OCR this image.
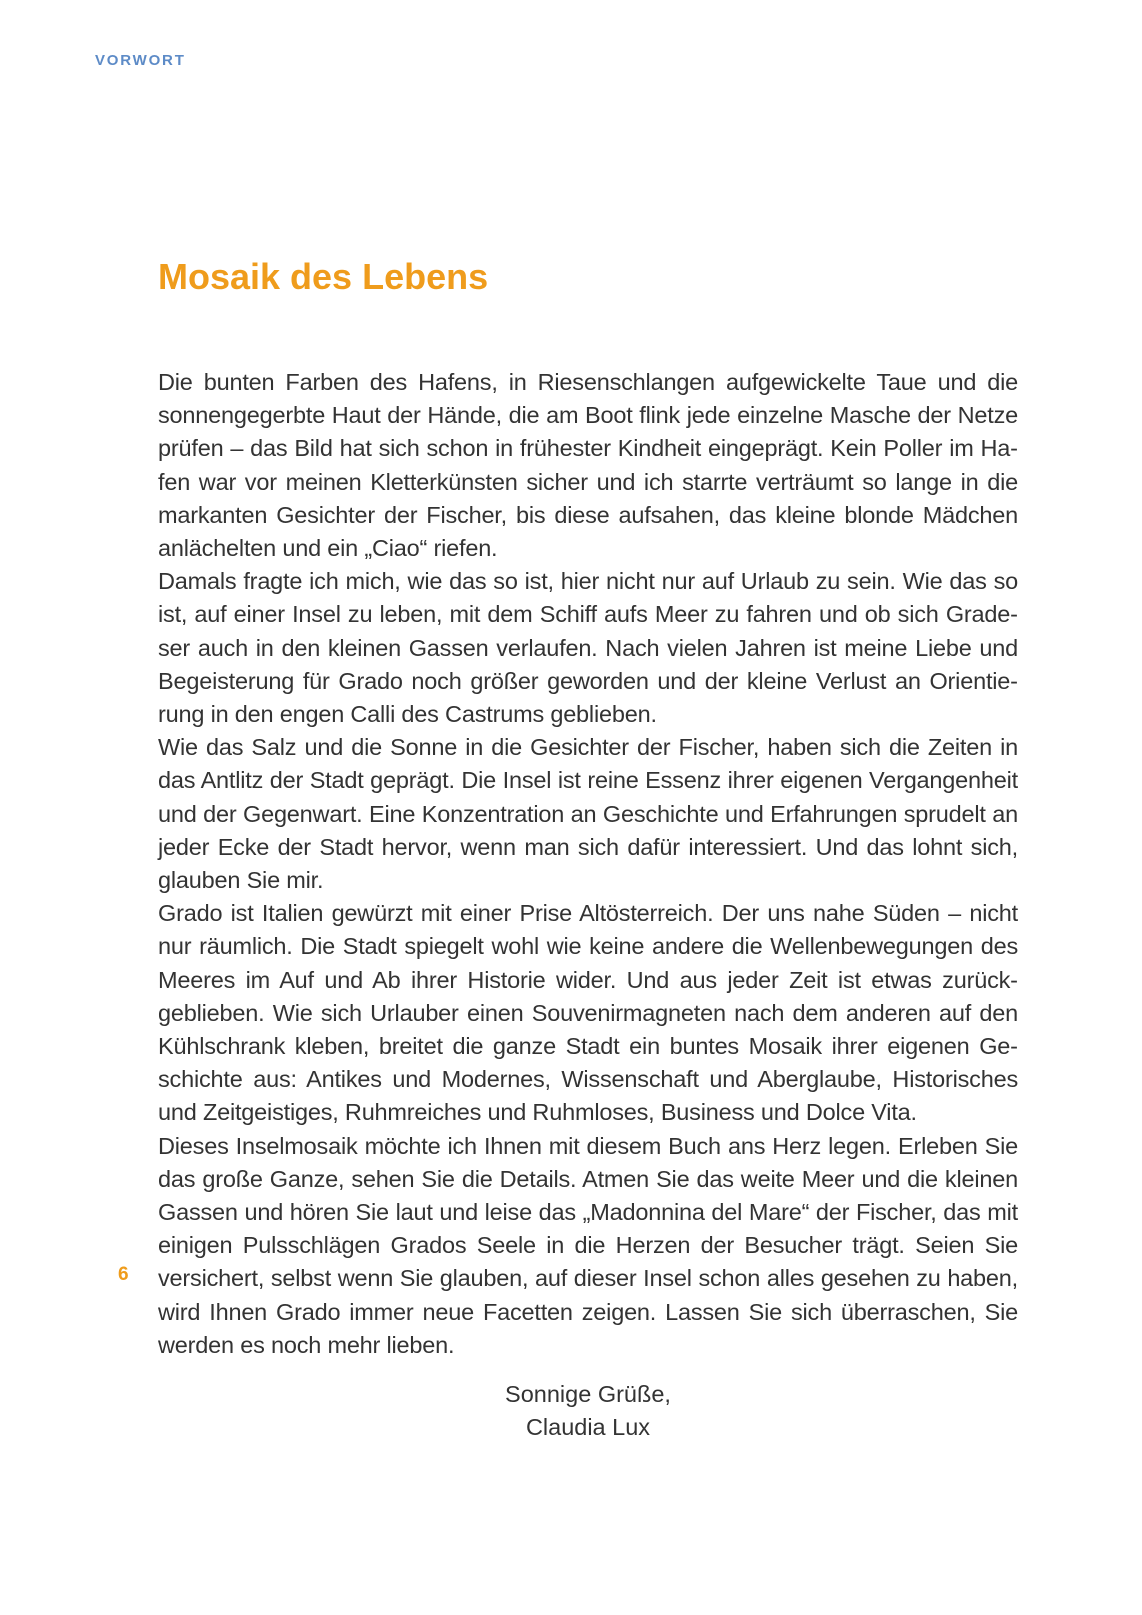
VORWORT
Mosaik des Lebens

Die bunten Farben des Hafens, in Riesenschlangen aufgewickelte Taue und die sonnengegerbte Haut der Hände, die am Boot flink jede einzelne Masche der Netze prüfen – das Bild hat sich schon in frühester Kindheit eingeprägt. Kein Poller im Hafen war vor meinen Kletterkünsten sicher und ich starrte verträumt so lange in die markanten Gesichter der Fischer, bis diese aufsahen, das kleine blonde Mädchen anlächelten und ein „Ciao“ riefen.

Damals fragte ich mich, wie das so ist, hier nicht nur auf Urlaub zu sein. Wie das so ist, auf einer Insel zu leben, mit dem Schiff aufs Meer zu fahren und ob sich Gradeser auch in den kleinen Gassen verlaufen. Nach vielen Jahren ist meine Liebe und Begeisterung für Grado noch größer geworden und der kleine Verlust an Orientierung in den engen Calli des Castrums geblieben.

Wie das Salz und die Sonne in die Gesichter der Fischer, haben sich die Zeiten in das Antlitz der Stadt geprägt. Die Insel ist reine Essenz ihrer eigenen Vergangenheit und der Gegenwart. Eine Konzentration an Geschichte und Erfahrungen sprudelt an jeder Ecke der Stadt hervor, wenn man sich dafür interessiert. Und das lohnt sich, glauben Sie mir.

Grado ist Italien gewürzt mit einer Prise Altösterreich. Der uns nahe Süden – nicht nur räumlich. Die Stadt spiegelt wohl wie keine andere die Wellenbewegungen des Meeres im Auf und Ab ihrer Historie wider. Und aus jeder Zeit ist etwas zurückgeblieben. Wie sich Urlauber einen Souvenirmagneten nach dem anderen auf den Kühlschrank kleben, breitet die ganze Stadt ein buntes Mosaik ihrer eigenen Geschichte aus: Antikes und Modernes, Wissenschaft und Aberglaube, Historisches und Zeitgeistiges, Ruhmreiches und Ruhmloses, Business und Dolce Vita.

Dieses Inselmosaik möchte ich Ihnen mit diesem Buch ans Herz legen. Erleben Sie das große Ganze, sehen Sie die Details. Atmen Sie das weite Meer und die kleinen Gassen und hören Sie laut und leise das „Madonnina del Mare“ der Fischer, das mit einigen Pulsschlägen Grados Seele in die Herzen der Besucher trägt. Seien Sie versichert, selbst wenn Sie glauben, auf dieser Insel schon alles gesehen zu haben, wird Ihnen Grado immer neue Facetten zeigen. Lassen Sie sich überraschen, Sie werden es noch mehr lieben.

6
Sonnige Grüße,
Claudia Lux
